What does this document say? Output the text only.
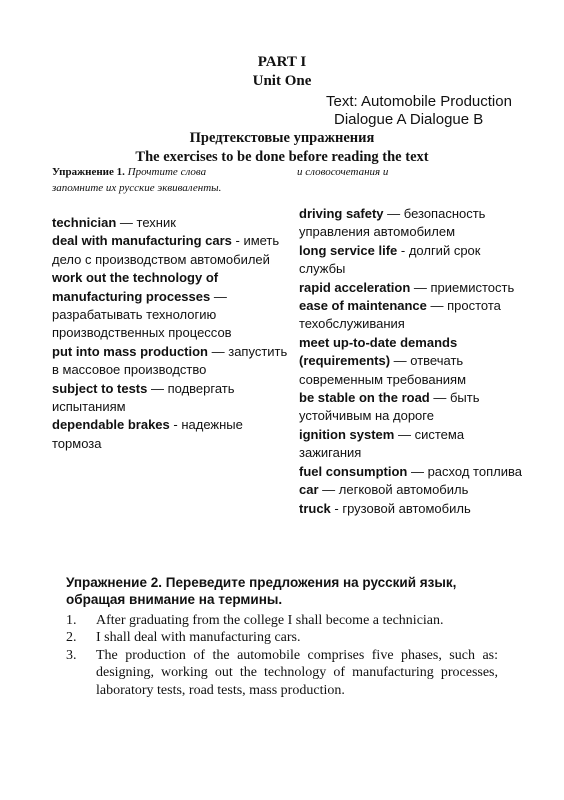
PART I
Unit One
Text: Automobile Production
Dialogue A Dialogue B
Предтекстовые упражнения
The exercises to be done before reading the text
Упражнение 1. Прочтите слова
запомните их русские эквиваленты.
и словосочетания и
technician — техник
deal with manufacturing cars - иметь дело с производством автомобилей
work out the technology of manufacturing processes — разрабатывать технологию производственных процессов
put into mass production — запустить в массовое производство
subject to tests — подвергать испытаниям
dependable brakes - надежные тормоза
driving safety — безопасность управления автомобилем
long service life - долгий срок службы
rapid acceleration — приемистость
ease of maintenance — простота техобслуживания
meet up-to-date demands (requirements) — отвечать современным требованиям
be stable on the road — быть устойчивым на дороге
ignition system — система зажигания
fuel consumption — расход топлива
car — легковой автомобиль
truck - грузовой автомобиль
Упражнение 2. Переведите предложения на русский язык, обращая внимание на термины.
1.	After graduating from the college I shall become a technician.
2.	I shall deal with manufacturing cars.
3.	The production of the automobile comprises five phases, such as: designing, working out the technology of manufacturing processes, laboratory tests, road tests, mass production.
